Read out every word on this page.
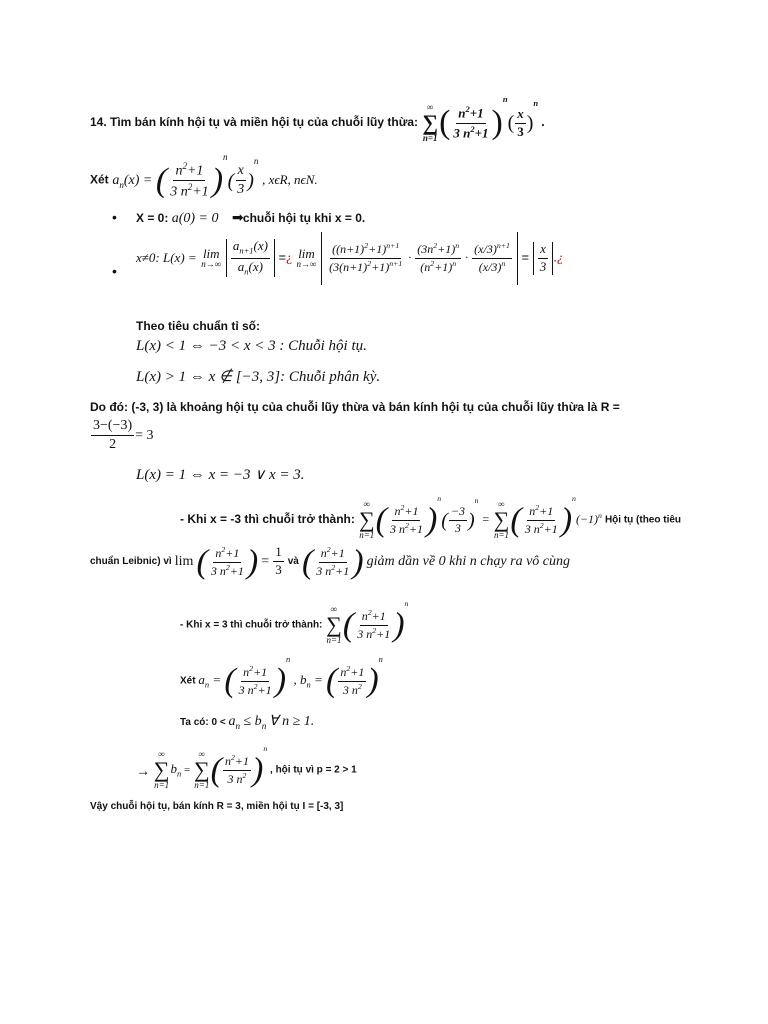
14. Tìm bán kính hội tụ và miền hội tụ của chuỗi lũy thừa:
∞
∑
n=1 ( $\frac{n^2+1}{3 n^2+1} )^n( \frac{x}{3} )^n$ .
Xét $a_n(x)$ = ( $\frac{n^2+1}{3 n^2+1} )^n( \frac{x}{3} )^n$ , xϵR, nϵN.
• X = 0: a(0) = 0 ➡ chuỗi hội tụ khi x = 0.
•
x≠0: L(x) = lim
n→∞
$\frac{a_{n+1}(x)}{a_n(x)}$ =¿ lim
n→∞
$\frac{((n+1)^2+1)^{n+1}}{(3(n+1)^2+1)^{n+1}} \cdot \frac{(3n^2+1)^n}{(n^2+1)^n} \cdot \frac{(x/3)^{n+1}}{(x/3)^n} = \frac{x}{3}$ .¿
Theo tiêu chuẩn tỉ số:
L(x) < 1 ⇔ −3 < x < 3 : Chuỗi hội tụ.
L(x) > 1 ⇔ x ∉ [−3, 3]: Chuỗi phân kỳ.
Do đó: (-3, 3) là khoảng hội tụ của chuỗi lũy thừa và bán kính hội tụ của chuỗi lũy thừa là R =
$\frac{3-(-3)}{2} = 3$
L(x) = 1 ⇔ x = −3 ∨ x = 3.
- Khi x = -3 thì chuỗi trở thành:
∞
∑
n=1 ( $\frac{n^2+1}{3 n^2+1} )^n( \frac{-3}{3} )^n$ =
∞
∑
n=1 ( $\frac{n^2+1}{3 n^2+1} )^n(-1)^n$ Hội tụ (theo tiêu
chuẩn Leibnic) vì lim ( $\frac{n^2+1}{3 n^2+1}$ ) = $\frac{1}{3}$ và ( $\frac{n^2+1}{3 n^2+1}$ ) giảm dần về 0 khi n chạy ra vô cùng
- Khi x = 3 thì chuỗi trở thành:
∞
∑
n=1 ( $\frac{n^2+1}{3 n^2+1} )^n$
Xét $a_n$ = ( $\frac{n^2+1}{3 n^2+1} )^n$ , $b_n$ = ( $\frac{n^2+1}{3 n^2} )^n$
Ta có: $0 < a_n \le b_n$ ∀ n ≥ 1.
→
∞
∑
n=1
$b_n$ =
∞
∑
n=1 ( $\frac{n^2+1}{3 n^2} )^n$ , hội tụ vì p = 2 > 1
Vậy chuỗi hội tụ, bán kính R = 3, miền hội tụ I = [-3, 3]
